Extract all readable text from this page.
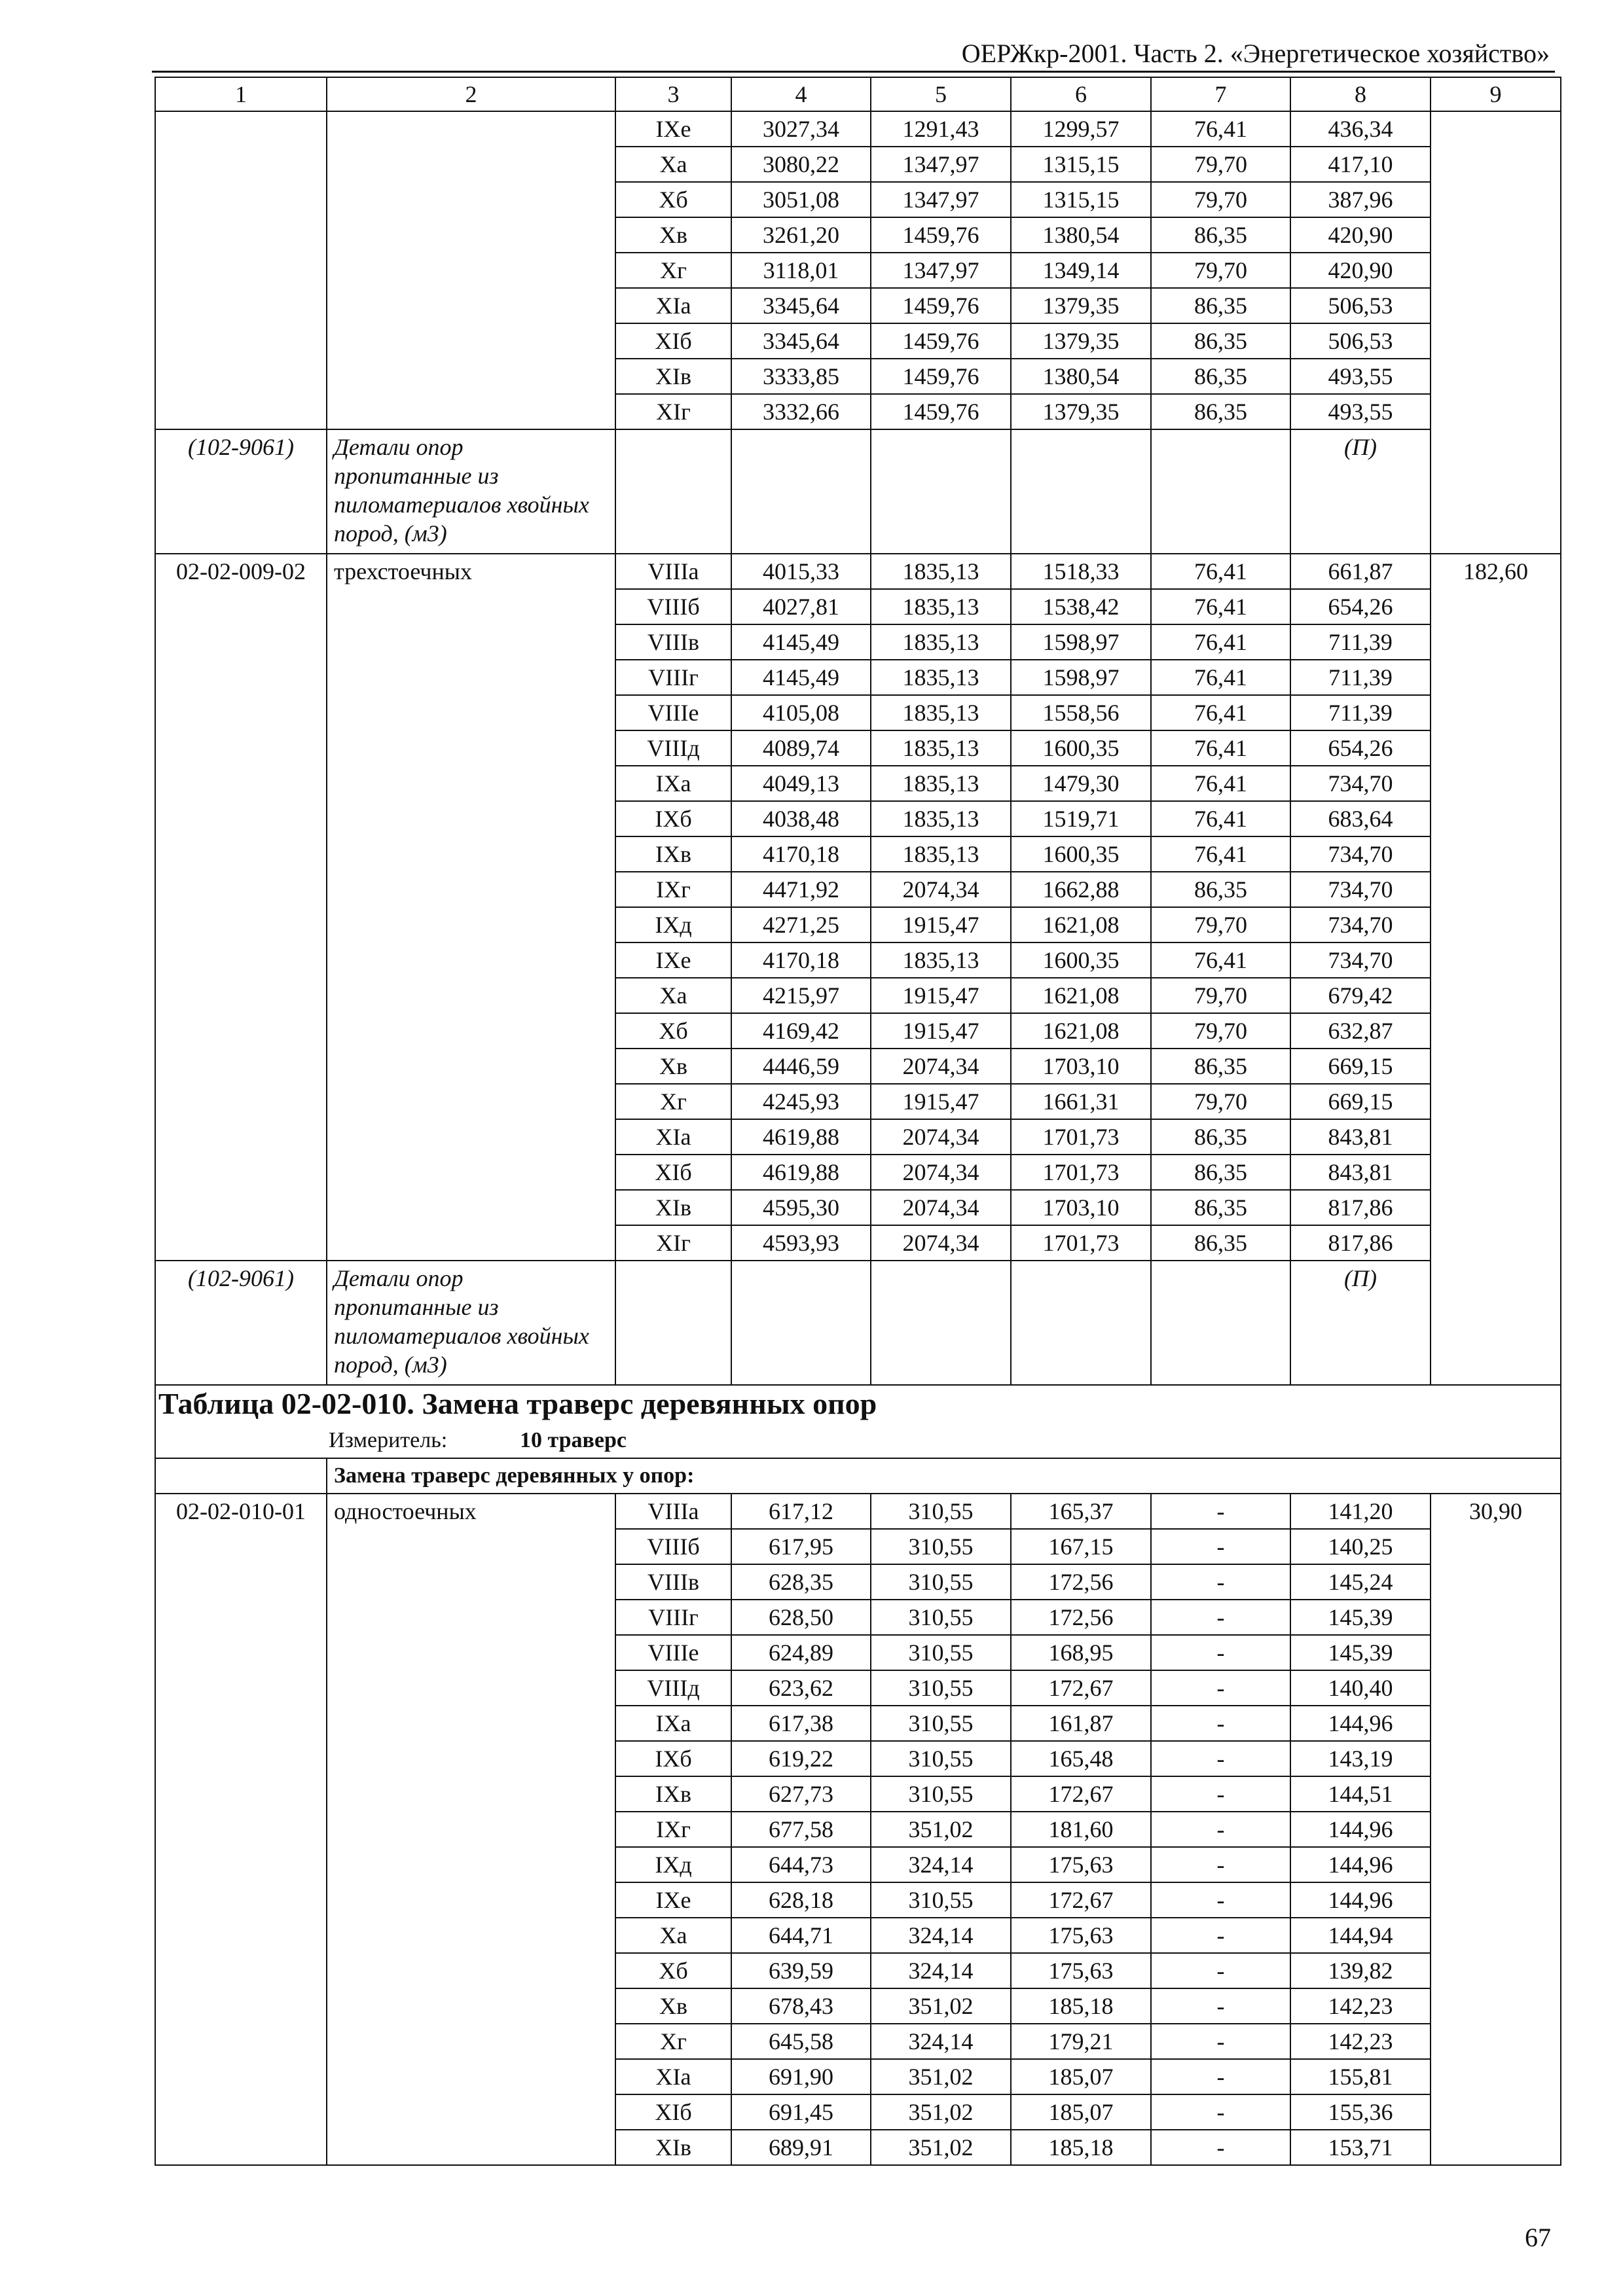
ОЕРЖкр-2001. Часть 2. «Энергетическое хозяйство»
1	2	3	4	5	6	7	8	9
		IXе	3027,34	1291,43	1299,57	76,41	436,34	
		Xа	3080,22	1347,97	1315,15	79,70	417,10	
		Xб	3051,08	1347,97	1315,15	79,70	387,96	
		Xв	3261,20	1459,76	1380,54	86,35	420,90	
		Xг	3118,01	1347,97	1349,14	79,70	420,90	
		XIа	3345,64	1459,76	1379,35	86,35	506,53	
		XIб	3345,64	1459,76	1379,35	86,35	506,53	
		XIв	3333,85	1459,76	1380,54	86,35	493,55	
		XIг	3332,66	1459,76	1379,35	86,35	493,55	
(102-9061)	Детали опор
пропитанные из
пиломатериалов хвойных
пород, (м3)						(П)	
02-02-009-02	трехстоечных	VIIIа	4015,33	1835,13	1518,33	76,41	661,87	182,60
		VIIIб	4027,81	1835,13	1538,42	76,41	654,26	
		VIIIв	4145,49	1835,13	1598,97	76,41	711,39	
		VIIIг	4145,49	1835,13	1598,97	76,41	711,39	
		VIIIе	4105,08	1835,13	1558,56	76,41	711,39	
		VIIIд	4089,74	1835,13	1600,35	76,41	654,26	
		IXа	4049,13	1835,13	1479,30	76,41	734,70	
		IXб	4038,48	1835,13	1519,71	76,41	683,64	
		IXв	4170,18	1835,13	1600,35	76,41	734,70	
		IXг	4471,92	2074,34	1662,88	86,35	734,70	
		IXд	4271,25	1915,47	1621,08	79,70	734,70	
		IXе	4170,18	1835,13	1600,35	76,41	734,70	
		Xа	4215,97	1915,47	1621,08	79,70	679,42	
		Xб	4169,42	1915,47	1621,08	79,70	632,87	
		Xв	4446,59	2074,34	1703,10	86,35	669,15	
		Xг	4245,93	1915,47	1661,31	79,70	669,15	
		XIа	4619,88	2074,34	1701,73	86,35	843,81	
		XIб	4619,88	2074,34	1701,73	86,35	843,81	
		XIв	4595,30	2074,34	1703,10	86,35	817,86	
		XIг	4593,93	2074,34	1701,73	86,35	817,86	
(102-9061)	Детали опор
пропитанные из
пиломатериалов хвойных
пород, (м3)						(П)	
Таблица 02-02-010. Замена траверс деревянных опор								
Измеритель: 10 траверс								
	Замена траверс деревянных у опор:							
02-02-010-01	одностоечных	VIIIа	617,12	310,55	165,37	-	141,20	30,90
		VIIIб	617,95	310,55	167,15	-	140,25	
		VIIIв	628,35	310,55	172,56	-	145,24	
		VIIIг	628,50	310,55	172,56	-	145,39	
		VIIIе	624,89	310,55	168,95	-	145,39	
		VIIIд	623,62	310,55	172,67	-	140,40	
		IXа	617,38	310,55	161,87	-	144,96	
		IXб	619,22	310,55	165,48	-	143,19	
		IXв	627,73	310,55	172,67	-	144,51	
		IXг	677,58	351,02	181,60	-	144,96	
		IXд	644,73	324,14	175,63	-	144,96	
		IXе	628,18	310,55	172,67	-	144,96	
		Xа	644,71	324,14	175,63	-	144,94	
		Xб	639,59	324,14	175,63	-	139,82	
		Xв	678,43	351,02	185,18	-	142,23	
		Xг	645,58	324,14	179,21	-	142,23	
		XIа	691,90	351,02	185,07	-	155,81	
		XIб	691,45	351,02	185,07	-	155,36	
		XIв	689,91	351,02	185,18	-	153,71	
67
